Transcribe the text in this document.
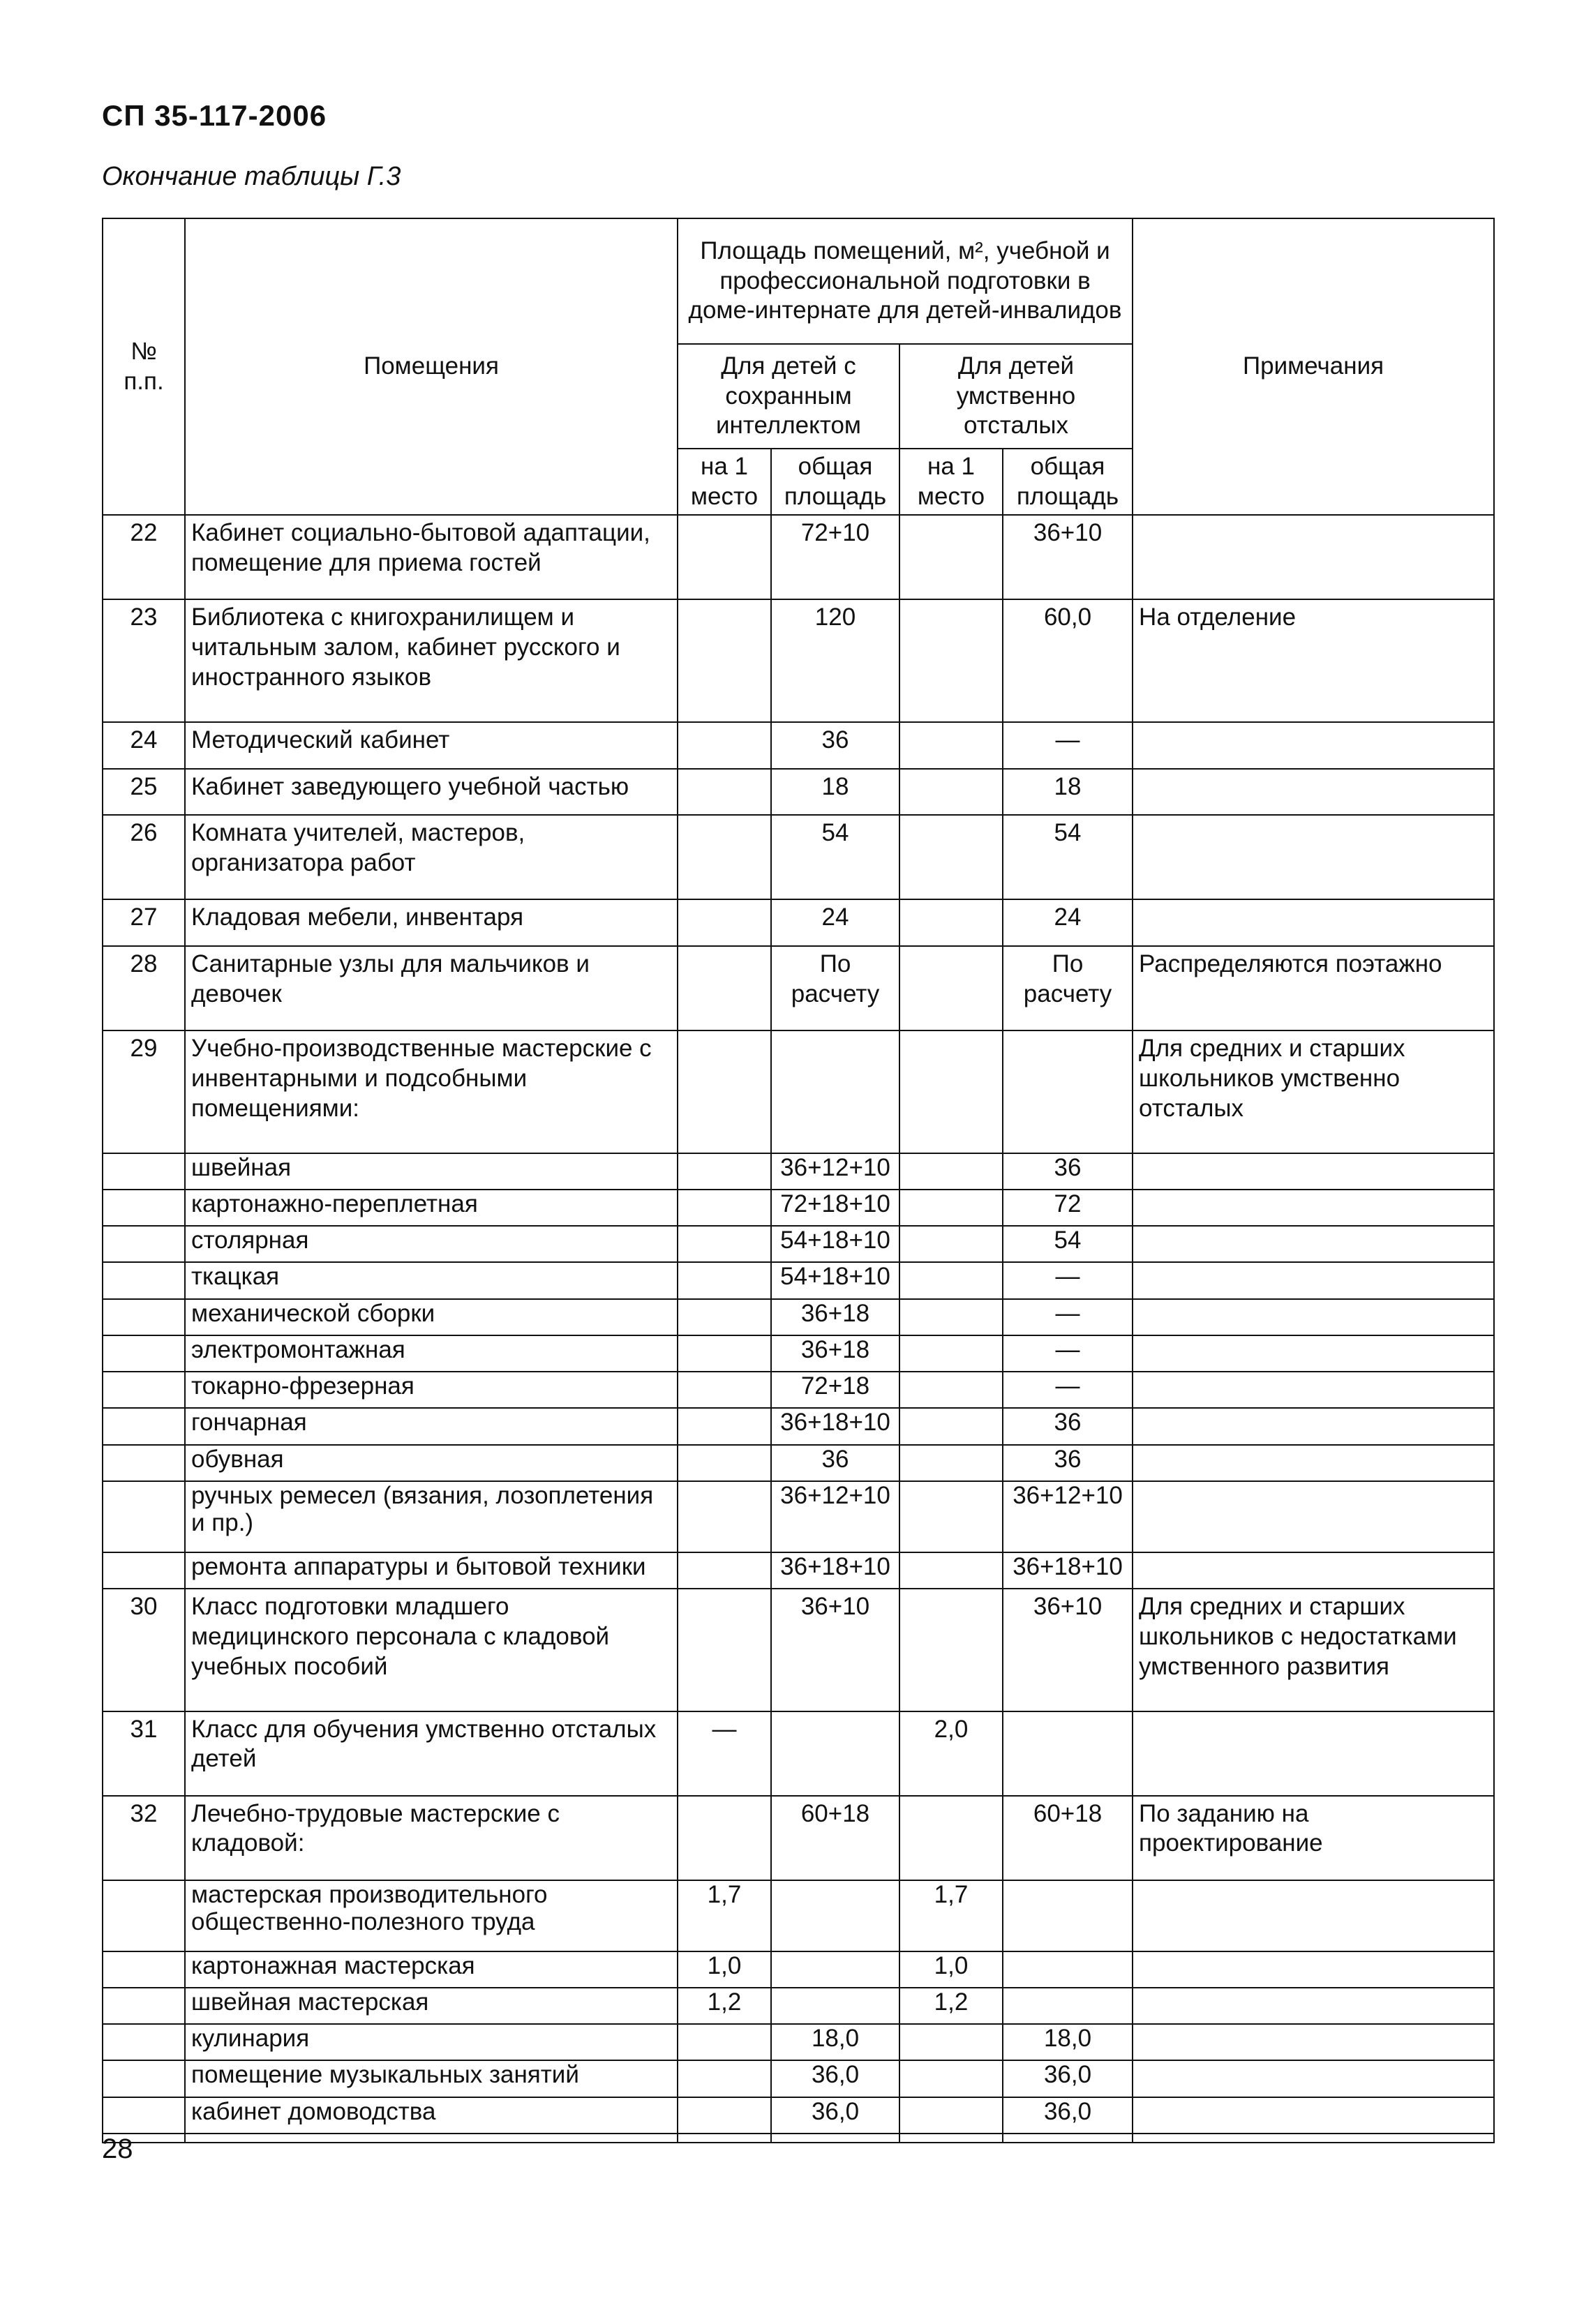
СП 35-117-2006
Окончание таблицы Г.3
№ п.п.	Помещения	Площадь помещений, м², учебной и профессиональной подготовки в доме-интернате для детей-инвалидов				Примечания
		Для детей с сохранным интеллектом		Для детей умственно отсталых		
		на 1 место	общая площадь	на 1 место	общая площадь	
22	Кабинет социально-бытовой адаптации, помещение для приема гостей		72+10		36+10	
23	Библиотека с книгохранилищем и читальным залом, кабинет русского и иностранного языков		120		60,0	На отделение
24	Методический кабинет		36		—	
25	Кабинет заведующего учебной частью		18		18	
26	Комната учителей, мастеров, организатора работ		54		54	
27	Кладовая мебели, инвентаря		24		24	
28	Санитарные узлы для мальчиков и девочек		По расчету		По расчету	Распределяются поэтажно
29	Учебно-производственные мастерские с инвентарными и подсобными помещениями:					Для средних и старших школьников умственно отсталых
	швейная		36+12+10		36	
	картонажно-переплетная		72+18+10		72	
	столярная		54+18+10		54	
	ткацкая		54+18+10		—	
	механической сборки		36+18		—	
	электромонтажная		36+18		—	
	токарно-фрезерная		72+18		—	
	гончарная		36+18+10		36	
	обувная		36		36	
	ручных ремесел (вязания, лозоплетения и пр.)		36+12+10		36+12+10	
	ремонта аппаратуры и бытовой техники		36+18+10		36+18+10	
30	Класс подготовки младшего медицинского персонала с кладовой учебных пособий		36+10		36+10	Для средних и старших школьников с недостатками умственного развития
31	Класс для обучения умственно отсталых детей	—		2,0		
32	Лечебно-трудовые мастерские с кладовой:		60+18		60+18	По заданию на проектирование
	мастерская производительного общественно-полезного труда	1,7		1,7		
	картонажная мастерская	1,0		1,0		
	швейная мастерская	1,2		1,2		
	кулинария		18,0		18,0	
	помещение музыкальных занятий		36,0		36,0	
	кабинет домоводства		36,0		36,0	

28
